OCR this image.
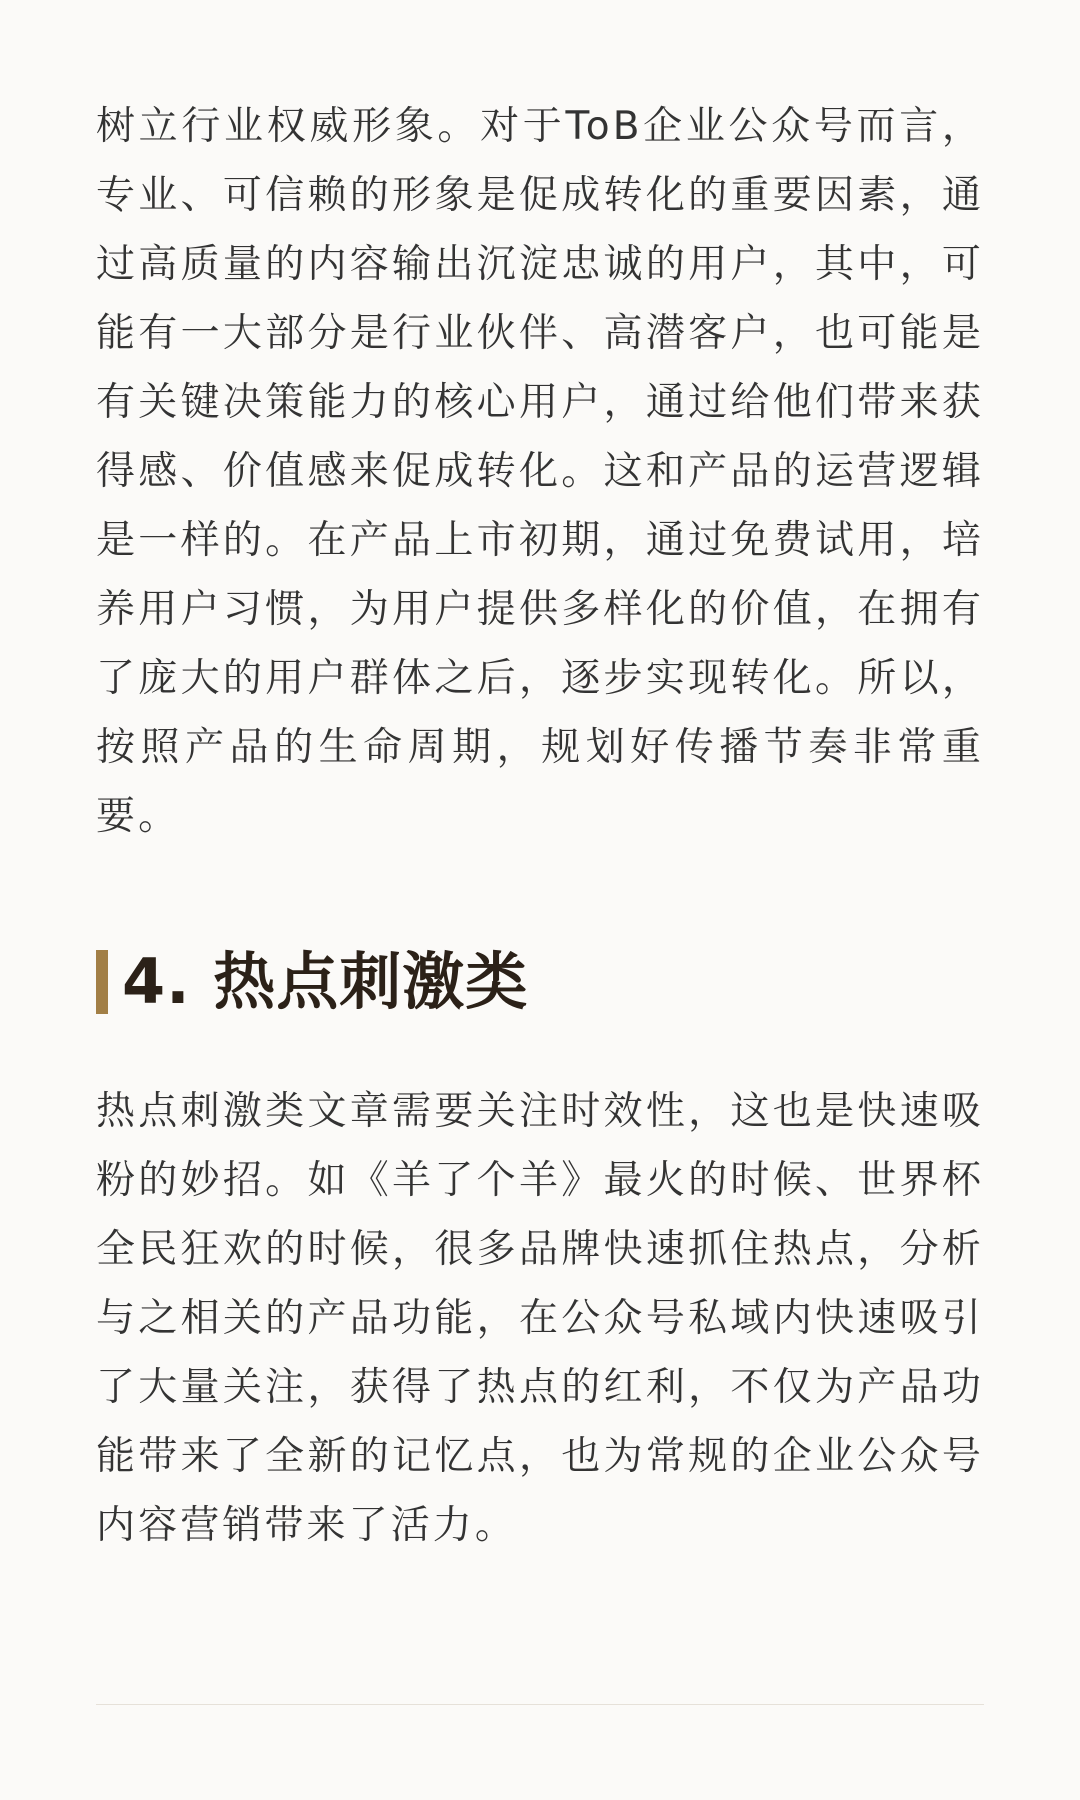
树立行业权威形象。对于ToB企业公众号而言，专业、可信赖的形象是促成转化的重要因素，通过高质量的内容输出沉淀忠诚的用户，其中，可能有一大部分是行业伙伴、高潜客户，也可能是有关键决策能力的核心用户，通过给他们带来获得感、价值感来促成转化。这和产品的运营逻辑是一样的。在产品上市初期，通过免费试用，培养用户习惯，为用户提供多样化的价值，在拥有了庞大的用户群体之后，逐步实现转化。所以，按照产品的生命周期，规划好传播节奏非常重要。

4. 热点刺激类

热点刺激类文章需要关注时效性，这也是快速吸粉的妙招。如《羊了个羊》最火的时候、世界杯全民狂欢的时候，很多品牌快速抓住热点，分析与之相关的产品功能，在公众号私域内快速吸引了大量关注，获得了热点的红利，不仅为产品功能带来了全新的记忆点，也为常规的企业公众号内容营销带来了活力。
